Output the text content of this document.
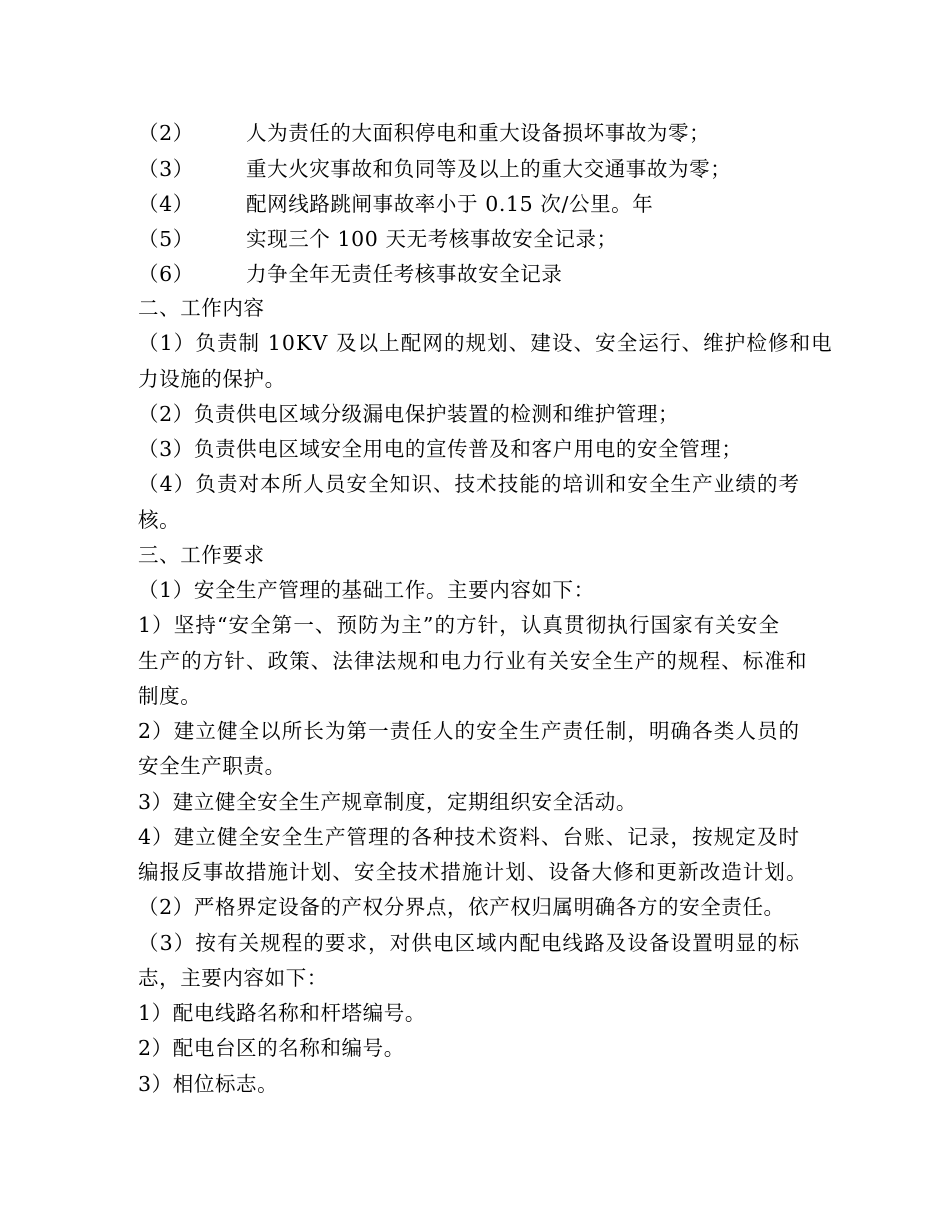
（2）	人为责任的大面积停电和重大设备损坏事故为零；
（3）	重大火灾事故和负同等及以上的重大交通事故为零；
（4）	配网线路跳闸事故率小于 0.15 次/公里。年
（5）	实现三个 100 天无考核事故安全记录；
（6）	力争全年无责任考核事故安全记录
二、工作内容
（1）负责制 10KV 及以上配网的规划、建设、安全运行、维护检修和电
力设施的保护。
（2）负责供电区域分级漏电保护装置的检测和维护管理；
（3）负责供电区域安全用电的宣传普及和客户用电的安全管理；
（4）负责对本所人员安全知识、技术技能的培训和安全生产业绩的考
核。
三、工作要求
（1）安全生产管理的基础工作。主要内容如下：
1）坚持“安全第一、预防为主”的方针，认真贯彻执行国家有关安全
生产的方针、政策、法律法规和电力行业有关安全生产的规程、标准和
制度。
2）建立健全以所长为第一责任人的安全生产责任制，明确各类人员的
安全生产职责。
3）建立健全安全生产规章制度，定期组织安全活动。
4）建立健全安全生产管理的各种技术资料、台账、记录，按规定及时
编报反事故措施计划、安全技术措施计划、设备大修和更新改造计划。
（2）严格界定设备的产权分界点，依产权归属明确各方的安全责任。
（3）按有关规程的要求，对供电区域内配电线路及设备设置明显的标
志，主要内容如下：
1）配电线路名称和杆塔编号。
2）配电台区的名称和编号。
3）相位标志。
